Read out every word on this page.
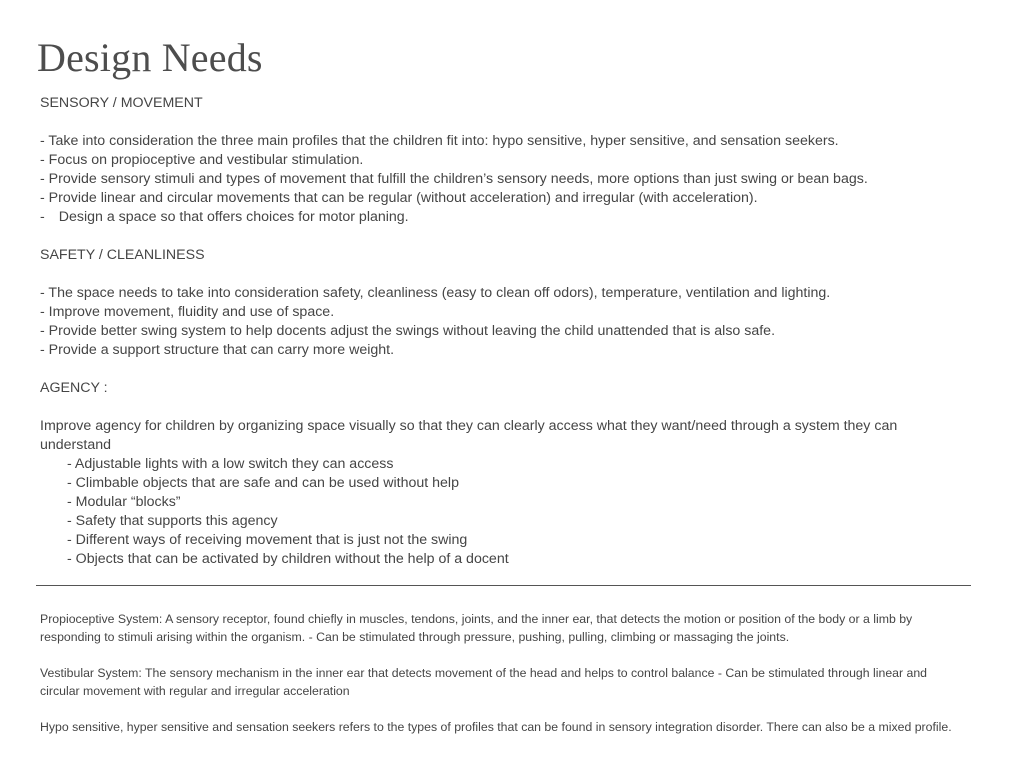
Design Needs

SENSORY / MOVEMENT

- Take into consideration the three main profiles that the children fit into: hypo sensitive, hyper sensitive, and sensation seekers.

- Focus on propioceptive and vestibular stimulation.

- Provide sensory stimuli and types of movement that fulfill the children’s sensory needs, more options than just swing or bean bags.

- Provide linear and circular movements that can be regular (without acceleration) and irregular (with acceleration).

- Design a space so that offers choices for motor planing.

SAFETY / CLEANLINESS

- The space needs to take into consideration safety, cleanliness (easy to clean off odors), temperature, ventilation and lighting.

- Improve movement, fluidity and use of space.

- Provide better swing system to help docents adjust the swings without leaving the child unattended that is also safe.

- Provide a support structure that can carry more weight.

AGENCY :

Improve agency for children by organizing space visually so that they can clearly access what they want/need through a system they can understand

- Adjustable lights with a low switch they can access

- Climbable objects that are safe and can be used without help

- Modular “blocks”

- Safety that supports this agency

- Different ways of receiving movement that is just not the swing

- Objects that can be activated by children without the help of a docent

Propioceptive System: A sensory receptor, found chiefly in muscles, tendons, joints, and the inner ear, that detects the motion or position of the body or a limb by responding to stimuli arising within the organism. - Can be stimulated through pressure, pushing, pulling, climbing or massaging the joints.

Vestibular System: The sensory mechanism in the inner ear that detects movement of the head and helps to control balance - Can be stimulated through linear and circular movement with regular and irregular acceleration

Hypo sensitive, hyper sensitive and sensation seekers refers to the types of profiles that can be found in sensory integration disorder. There can also be a mixed profile.
